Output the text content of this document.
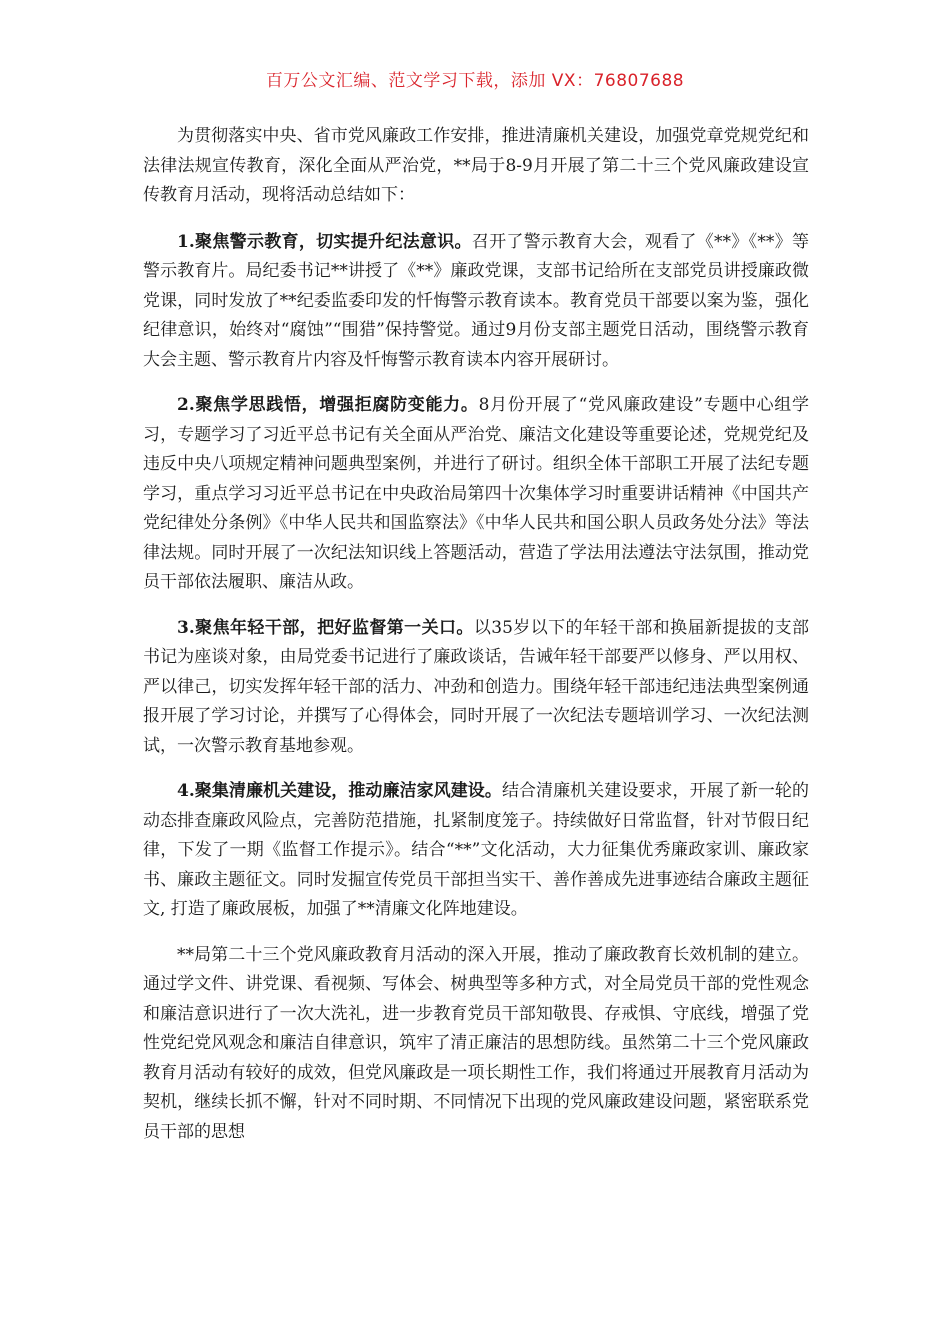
百万公文汇编、范文学习下载，添加 VX：76807688

为贯彻落实中央、省市党风廉政工作安排，推进清廉机关建设，加强党章党规党纪和法律法规宣传教育，深化全面从严治党，**局于8-9月开展了第二十三个党风廉政建设宣传教育月活动，现将活动总结如下：

1.聚焦警示教育，切实提升纪法意识。召开了警示教育大会，观看了《**》《**》等警示教育片。局纪委书记**讲授了《**》廉政党课，支部书记给所在支部党员讲授廉政微党课，同时发放了**纪委监委印发的忏悔警示教育读本。教育党员干部要以案为鉴，强化纪律意识，始终对“腐蚀”“围猎”保持警觉。通过9月份支部主题党日活动，围绕警示教育大会主题、警示教育片内容及忏悔警示教育读本内容开展研讨。

2.聚焦学思践悟，增强拒腐防变能力。8月份开展了“党风廉政建设”专题中心组学习，专题学习了习近平总书记有关全面从严治党、廉洁文化建设等重要论述，党规党纪及违反中央八项规定精神问题典型案例，并进行了研讨。组织全体干部职工开展了法纪专题学习，重点学习习近平总书记在中央政治局第四十次集体学习时重要讲话精神《中国共产党纪律处分条例》《中华人民共和国监察法》《中华人民共和国公职人员政务处分法》等法律法规。同时开展了一次纪法知识线上答题活动，营造了学法用法遵法守法氛围，推动党员干部依法履职、廉洁从政。

3.聚焦年轻干部，把好监督第一关口。以35岁以下的年轻干部和换届新提拔的支部书记为座谈对象，由局党委书记进行了廉政谈话，告诫年轻干部要严以修身、严以用权、严以律己，切实发挥年轻干部的活力、冲劲和创造力。围绕年轻干部违纪违法典型案例通报开展了学习讨论，并撰写了心得体会，同时开展了一次纪法专题培训学习、一次纪法测试，一次警示教育基地参观。

4.聚集清廉机关建设，推动廉洁家风建设。结合清廉机关建设要求，开展了新一轮的动态排查廉政风险点，完善防范措施，扎紧制度笼子。持续做好日常监督，针对节假日纪律，下发了一期《监督工作提示》。结合“**”文化活动，大力征集优秀廉政家训、廉政家书、廉政主题征文。同时发掘宣传党员干部担当实干、善作善成先进事迹结合廉政主题征文, 打造了廉政展板，加强了**清廉文化阵地建设。

**局第二十三个党风廉政教育月活动的深入开展，推动了廉政教育长效机制的建立。通过学文件、讲党课、看视频、写体会、树典型等多种方式，对全局党员干部的党性观念和廉洁意识进行了一次大洗礼，进一步教育党员干部知敬畏、存戒惧、守底线，增强了党性党纪党风观念和廉洁自律意识，筑牢了清正廉洁的思想防线。虽然第二十三个党风廉政教育月活动有较好的成效，但党风廉政是一项长期性工作，我们将通过开展教育月活动为契机，继续长抓不懈，针对不同时期、不同情况下出现的党风廉政建设问题，紧密联系党员干部的思想
